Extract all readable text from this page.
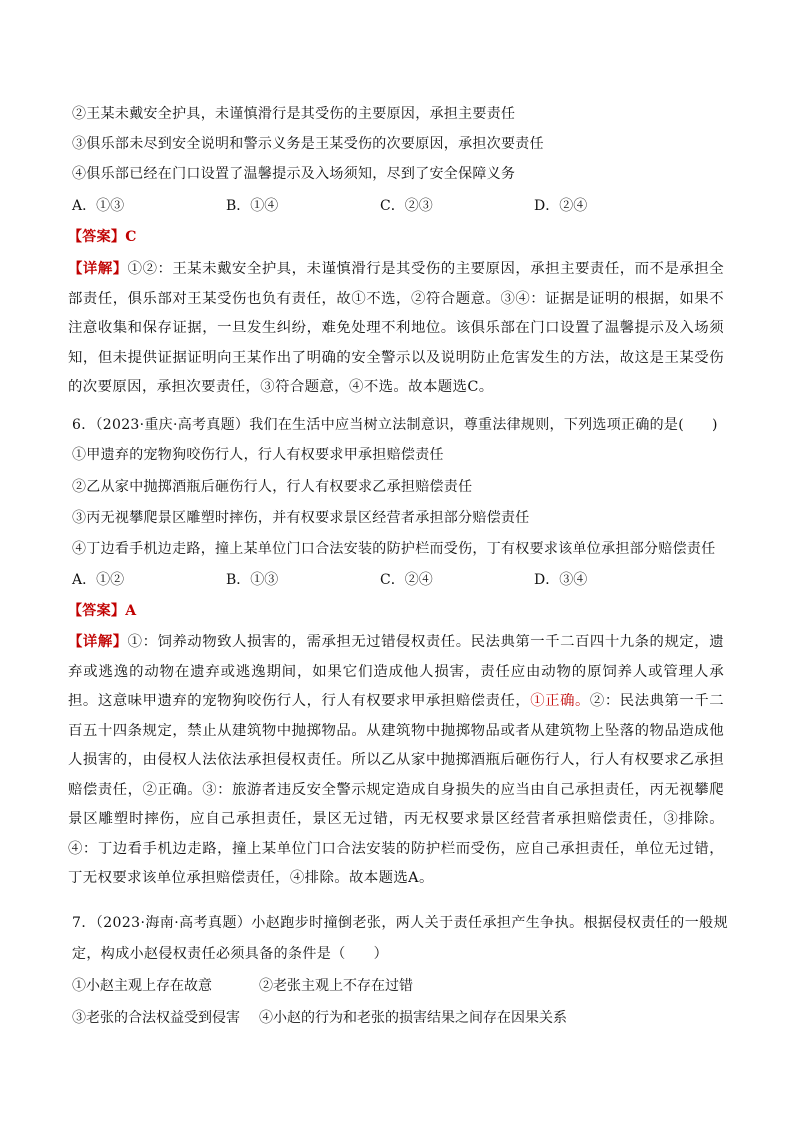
②王某未戴安全护具，未谨慎滑行是其受伤的主要原因，承担主要责任
③俱乐部未尽到安全说明和警示义务是王某受伤的次要原因，承担次要责任
④俱乐部已经在门口设置了温馨提示及入场须知，尽到了安全保障义务
A．①③	B．①④	C．②③	D．②④
【答案】C
【详解】①②：王某未戴安全护具，未谨慎滑行是其受伤的主要原因，承担主要责任，而不是承担全部责任，俱乐部对王某受伤也负有责任，故①不选，②符合题意。③④：证据是证明的根据，如果不注意收集和保存证据，一旦发生纠纷，难免处理不利地位。该俱乐部在门口设置了温馨提示及入场须知，但未提供证据证明向王某作出了明确的安全警示以及说明防止危害发生的方法，故这是王某受伤的次要原因，承担次要责任，③符合题意，④不选。故本题选C。
6．（2023·重庆·高考真题）我们在生活中应当树立法制意识，尊重法律规则，下列选项正确的是( )
①甲遗弃的宠物狗咬伤行人，行人有权要求甲承担赔偿责任
②乙从家中抛掷酒瓶后砸伤行人，行人有权要求乙承担赔偿责任
③丙无视攀爬景区雕塑时摔伤，并有权要求景区经营者承担部分赔偿责任
④丁边看手机边走路，撞上某单位门口合法安装的防护栏而受伤，丁有权要求该单位承担部分赔偿责任
A．①②	B．①③	C．②④	D．③④
【答案】A
【详解】①：饲养动物致人损害的，需承担无过错侵权责任。民法典第一千二百四十九条的规定，遗弃或逃逸的动物在遗弃或逃逸期间，如果它们造成他人损害，责任应由动物的原饲养人或管理人承担。这意味甲遗弃的宠物狗咬伤行人，行人有权要求甲承担赔偿责任，①正确。②：民法典第一千二百五十四条规定，禁止从建筑物中抛掷物品。从建筑物中抛掷物品或者从建筑物上坠落的物品造成他人损害的，由侵权人法依法承担侵权责任。所以乙从家中抛掷酒瓶后砸伤行人，行人有权要求乙承担赔偿责任，②正确。③：旅游者违反安全警示规定造成自身损失的应当由自己承担责任，丙无视攀爬景区雕塑时摔伤，应自己承担责任，景区无过错，丙无权要求景区经营者承担赔偿责任，③排除。④：丁边看手机边走路，撞上某单位门口合法安装的防护栏而受伤，应自己承担责任，单位无过错，丁无权要求该单位承担赔偿责任，④排除。故本题选A。
7．（2023·海南·高考真题）小赵跑步时撞倒老张，两人关于责任承担产生争执。根据侵权责任的一般规定，构成小赵侵权责任必须具备的条件是（ ）
①小赵主观上存在故意	②老张主观上不存在过错
③老张的合法权益受到侵害 ④小赵的行为和老张的损害结果之间存在因果关系
